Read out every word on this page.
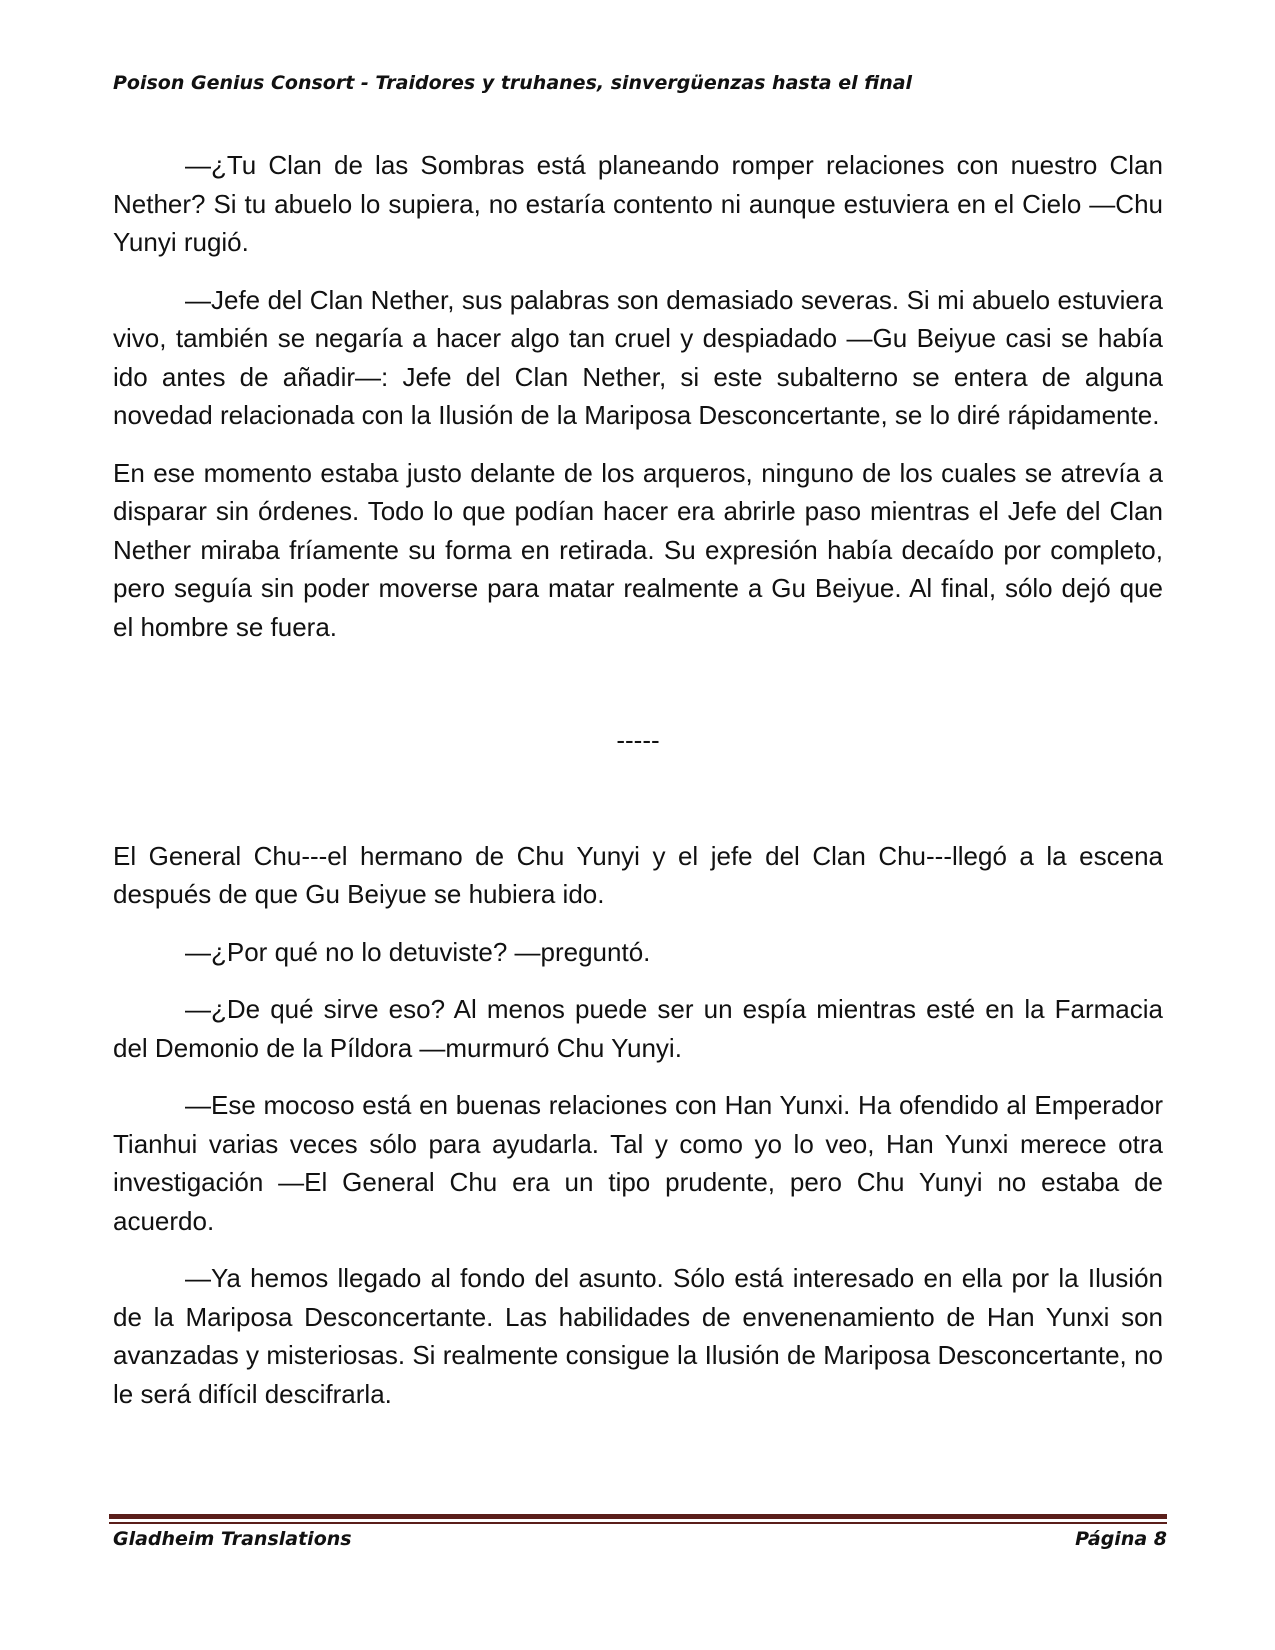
Poison Genius Consort - Traidores y truhanes, sinvergüenzas hasta el final

—¿Tu Clan de las Sombras está planeando romper relaciones con nuestro Clan Nether? Si tu abuelo lo supiera, no estaría contento ni aunque estuviera en el Cielo —Chu Yunyi rugió.

—Jefe del Clan Nether, sus palabras son demasiado severas. Si mi abuelo estuviera vivo, también se negaría a hacer algo tan cruel y despiadado —Gu Beiyue casi se había ido antes de añadir—: Jefe del Clan Nether, si este subalterno se entera de alguna novedad relacionada con la Ilusión de la Mariposa Desconcertante, se lo diré rápidamente.

En ese momento estaba justo delante de los arqueros, ninguno de los cuales se atrevía a disparar sin órdenes. Todo lo que podían hacer era abrirle paso mientras el Jefe del Clan Nether miraba fríamente su forma en retirada. Su expresión había decaído por completo, pero seguía sin poder moverse para matar realmente a Gu Beiyue. Al final, sólo dejó que el hombre se fuera.

-----

El General Chu---el hermano de Chu Yunyi y el jefe del Clan Chu---llegó a la escena después de que Gu Beiyue se hubiera ido.

—¿Por qué no lo detuviste? —preguntó.

—¿De qué sirve eso? Al menos puede ser un espía mientras esté en la Farmacia del Demonio de la Píldora —murmuró Chu Yunyi.

—Ese mocoso está en buenas relaciones con Han Yunxi. Ha ofendido al Emperador Tianhui varias veces sólo para ayudarla. Tal y como yo lo veo, Han Yunxi merece otra investigación —El General Chu era un tipo prudente, pero Chu Yunyi no estaba de acuerdo.

—Ya hemos llegado al fondo del asunto. Sólo está interesado en ella por la Ilusión de la Mariposa Desconcertante. Las habilidades de envenenamiento de Han Yunxi son avanzadas y misteriosas. Si realmente consigue la Ilusión de Mariposa Desconcertante, no le será difícil descifrarla.

Gladheim Translations	Página 8
